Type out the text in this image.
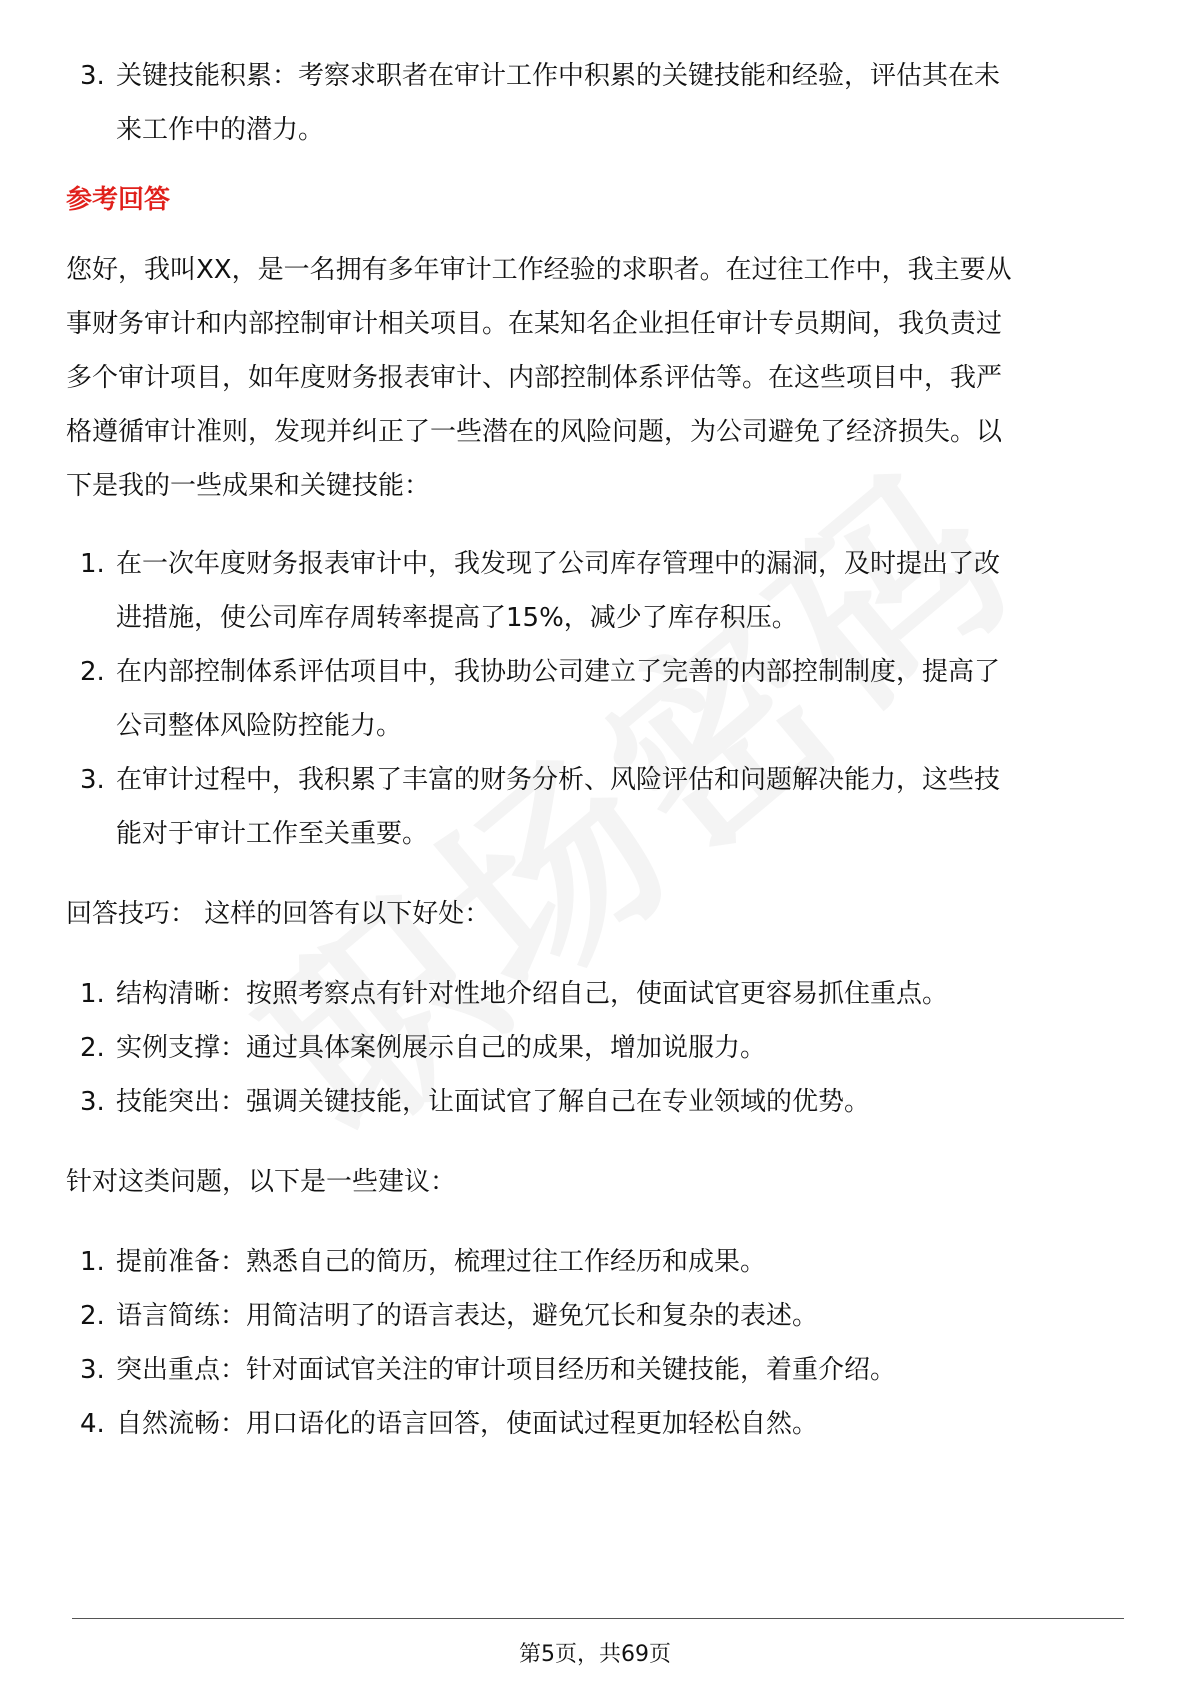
3. 关键技能积累：考察求职者在审计工作中积累的关键技能和经验，评估其在未
来工作中的潜力。
参考回答
您好，我叫XX，是一名拥有多年审计工作经验的求职者。在过往工作中，我主要从
事财务审计和内部控制审计相关项目。在某知名企业担任审计专员期间，我负责过
多个审计项目，如年度财务报表审计、内部控制体系评估等。在这些项目中，我严
格遵循审计准则，发现并纠正了一些潜在的风险问题，为公司避免了经济损失。以
下是我的一些成果和关键技能：
1. 在一次年度财务报表审计中，我发现了公司库存管理中的漏洞，及时提出了改
进措施，使公司库存周转率提高了15%，减少了库存积压。
2. 在内部控制体系评估项目中，我协助公司建立了完善的内部控制制度，提高了
公司整体风险防控能力。
3. 在审计过程中，我积累了丰富的财务分析、风险评估和问题解决能力，这些技
能对于审计工作至关重要。
回答技巧： 这样的回答有以下好处：
1. 结构清晰：按照考察点有针对性地介绍自己，使面试官更容易抓住重点。
2. 实例支撑：通过具体案例展示自己的成果，增加说服力。
3. 技能突出：强调关键技能，让面试官了解自己在专业领域的优势。
针对这类问题，以下是一些建议：
1. 提前准备：熟悉自己的简历，梳理过往工作经历和成果。
2. 语言简练：用简洁明了的语言表达，避免冗长和复杂的表述。
3. 突出重点：针对面试官关注的审计项目经历和关键技能，着重介绍。
4. 自然流畅：用口语化的语言回答，使面试过程更加轻松自然。
第5页，共69页
